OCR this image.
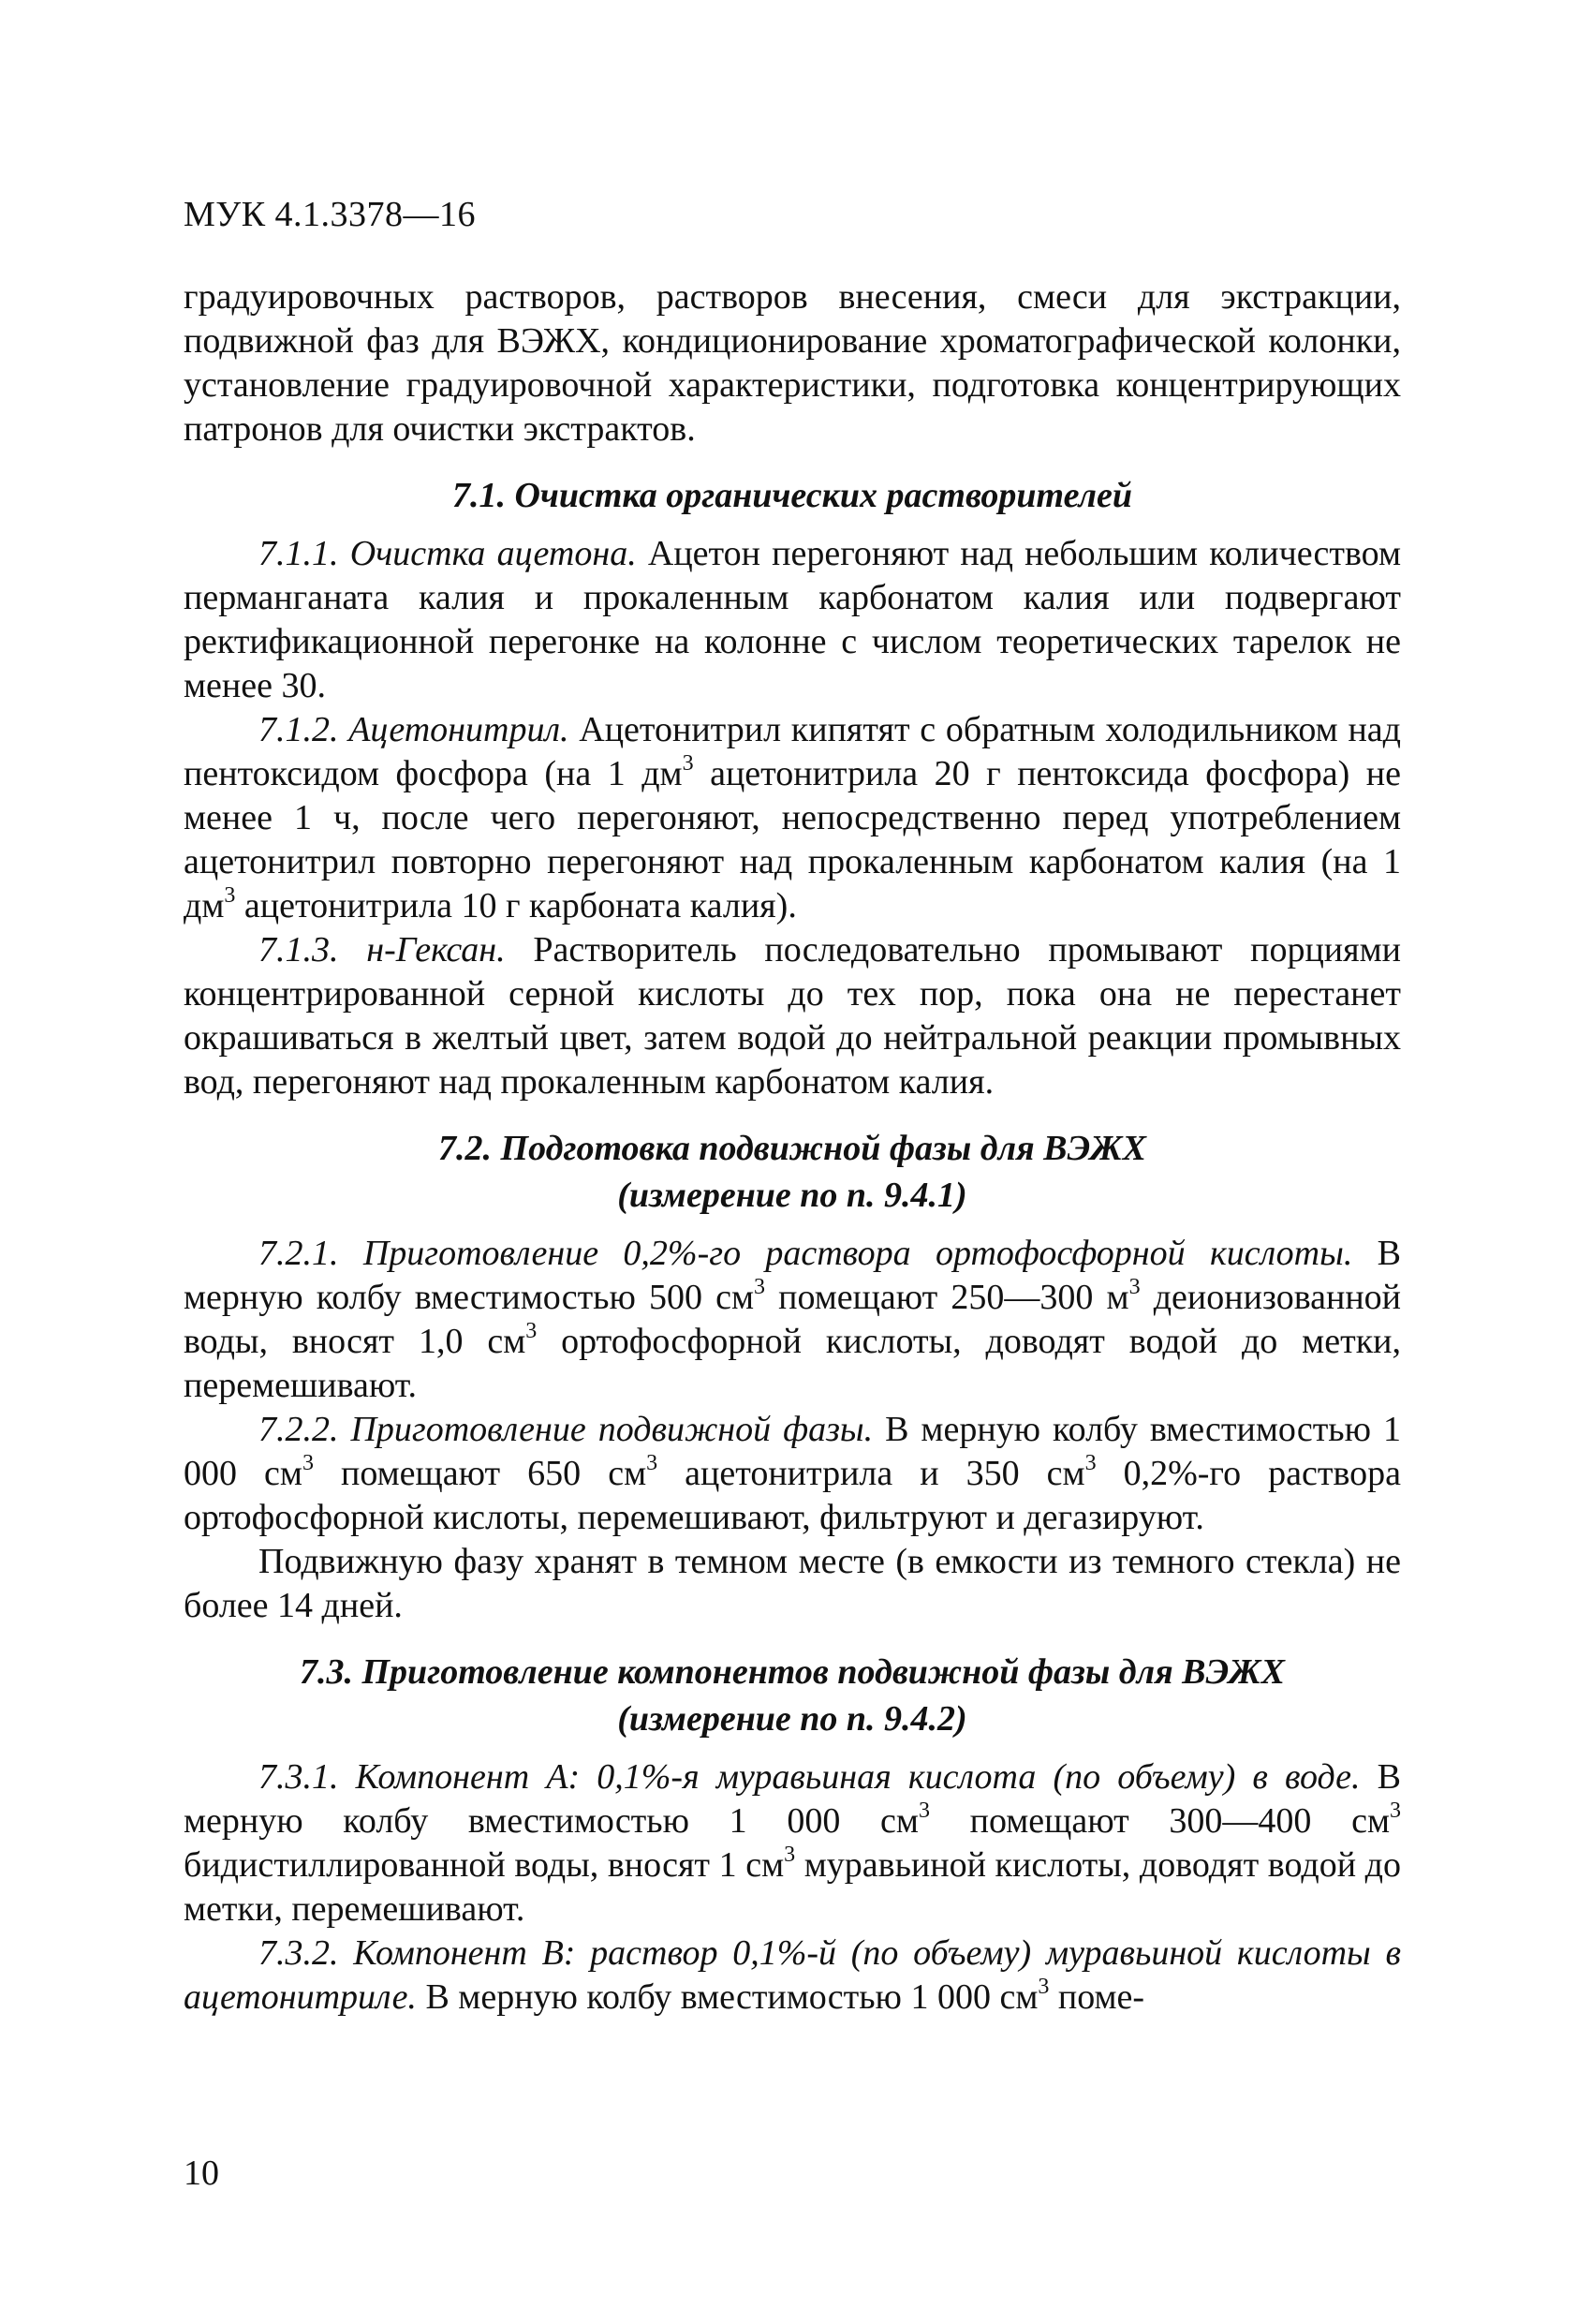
МУК 4.1.3378—16

градуировочных растворов, растворов внесения, смеси для экстракции, подвижной фаз для ВЭЖХ, кондиционирование хроматографической колонки, установление градуировочной характеристики, подготовка концентрирующих патронов для очистки экстрактов.

7.1. Очистка органических растворителей

7.1.1. Очистка ацетона. Ацетон перегоняют над небольшим количеством перманганата калия и прокаленным карбонатом калия или подвергают ректификационной перегонке на колонне с числом теоретических тарелок не менее 30.

7.1.2. Ацетонитрил. Ацетонитрил кипятят с обратным холодильником над пентоксидом фосфора (на 1 $дм^3$ ацетонитрила 20 г пентоксида фосфора) не менее 1 ч, после чего перегоняют, непосредственно перед употреблением ацетонитрил повторно перегоняют над прокаленным карбонатом калия (на 1 $дм^3$ ацетонитрила 10 г карбоната калия).

7.1.3. н-Гексан. Растворитель последовательно промывают порциями концентрированной серной кислоты до тех пор, пока она не перестанет окрашиваться в желтый цвет, затем водой до нейтральной реакции промывных вод, перегоняют над прокаленным карбонатом калия.

7.2. Подготовка подвижной фазы для ВЭЖХ
(измерение по п. 9.4.1)

7.2.1. Приготовление 0,2%-го раствора ортофосфорной кислоты. В мерную колбу вместимостью 500 $см^3$ помещают 250—300 $м^3$ деионизованной воды, вносят 1,0 $см^3$ ортофосфорной кислоты, доводят водой до метки, перемешивают.

7.2.2. Приготовление подвижной фазы. В мерную колбу вместимостью 1 000 $см^3$ помещают 650 $см^3$ ацетонитрила и 350 $см^3$ 0,2%-го раствора ортофосфорной кислоты, перемешивают, фильтруют и дегазируют.

Подвижную фазу хранят в темном месте (в емкости из темного стекла) не более 14 дней.

7.3. Приготовление компонентов подвижной фазы для ВЭЖХ
(измерение по п. 9.4.2)

7.3.1. Компонент А: 0,1%-я муравьиная кислота (по объему) в воде. В мерную колбу вместимостью 1 000 $см^3$ помещают 300—400 $см^3$ бидистиллированной воды, вносят 1 $см^3$ муравьиной кислоты, доводят водой до метки, перемешивают.

7.3.2. Компонент В: раствор 0,1%-й (по объему) муравьиной кислоты в ацетонитриле. В мерную колбу вместимостью 1 000 $см^3$ поме-

10
